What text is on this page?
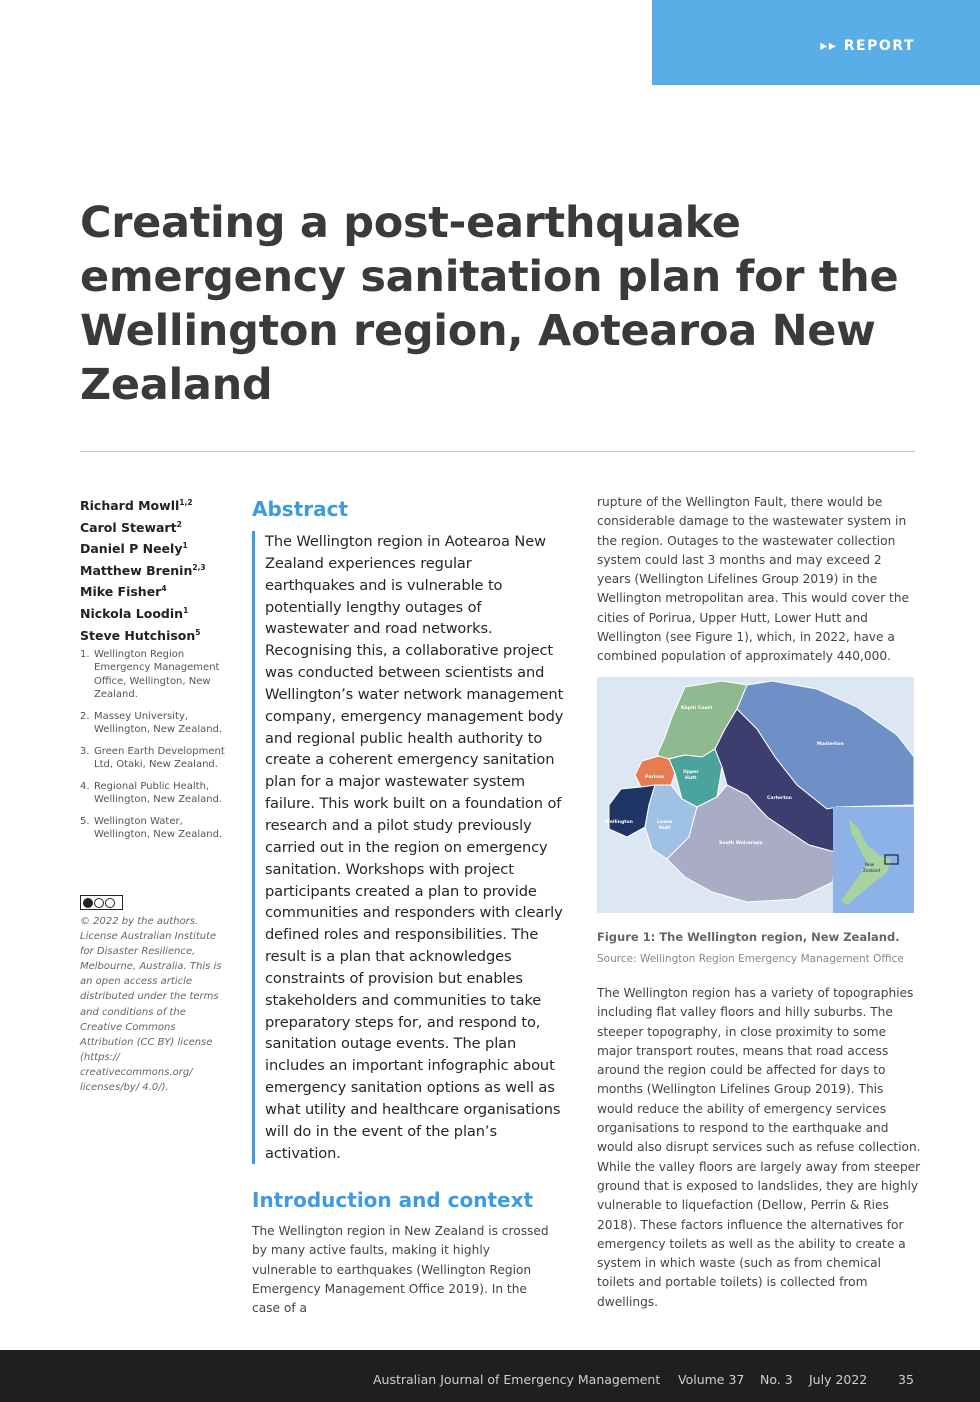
▸▸ REPORT
Creating a post-earthquake emergency sanitation plan for the Wellington region, Aotearoa New Zealand
Richard Mowll$^{1,2}$
Carol Stewart$^2$
Daniel P Neely$^1$
Matthew Brenin$^{2,3}$
Mike Fisher$^4$
Nickola Loodin$^1$
Steve Hutchison$^5$
1. Wellington Region Emergency Management Office, Wellington, New Zealand.
2. Massey University, Wellington, New Zealand.
3. Green Earth Development Ltd, Otaki, New Zealand.
4. Regional Public Health, Wellington, New Zealand.
5. Wellington Water, Wellington, New Zealand.

© 2022 by the authors. License Australian Institute for Disaster Resilience, Melbourne, Australia. This is an open access article distributed under the terms and conditions of the Creative Commons Attribution (CC BY) license (https:// creativecommons.org/ licenses/by/ 4.0/).

Abstract

The Wellington region in Aotearoa New Zealand experiences regular earthquakes and is vulnerable to potentially lengthy outages of wastewater and road networks. Recognising this, a collaborative project was conducted between scientists and Wellington’s water network management company, emergency management body and regional public health authority to create a coherent emergency sanitation plan for a major wastewater system failure. This work built on a foundation of research and a pilot study previously carried out in the region on emergency sanitation. Workshops with project participants created a plan to provide communities and responders with clearly defined roles and responsibilities. The result is a plan that acknowledges constraints of provision but enables stakeholders and communities to take preparatory steps for, and respond to, sanitation outage events. The plan includes an important infographic about emergency sanitation options as well as what utility and healthcare organisations will do in the event of the plan’s activation.

Introduction and context

The Wellington region in New Zealand is crossed by many active faults, making it highly vulnerable to earthquakes (Wellington Region Emergency Management Office 2019). In the case of a

rupture of the Wellington Fault, there would be considerable damage to the wastewater system in the region. Outages to the wastewater collection system could last 3 months and may exceed 2 years (Wellington Lifelines Group 2019) in the Wellington metropolitan area. This would cover the cities of Porirua, Upper Hutt, Lower Hutt and Wellington (see Figure 1), which, in 2022, have a combined population of approximately 440,000.

Kāpiti Coast
Porirua
Upper
Hutt
Masterton
Carterton
Wellington	Lower
Hutt
South Wairarapa
New
Zealand

Figure 1: The Wellington region, New Zealand.

Source: Wellington Region Emergency Management Office

The Wellington region has a variety of topographies including flat valley floors and hilly suburbs. The steeper topography, in close proximity to some major transport routes, means that road access around the region could be affected for days to months (Wellington Lifelines Group 2019). This would reduce the ability of emergency services organisations to respond to the earthquake and would also disrupt services such as refuse collection. While the valley floors are largely away from steeper ground that is exposed to landslides, they are highly vulnerable to liquefaction (Dellow, Perrin & Ries 2018). These factors influence the alternatives for emergency toilets as well as the ability to create a system in which waste (such as from chemical toilets and portable toilets) is collected from dwellings.

Australian Journal of Emergency Management Volume 37 No. 3 July 2022 35
